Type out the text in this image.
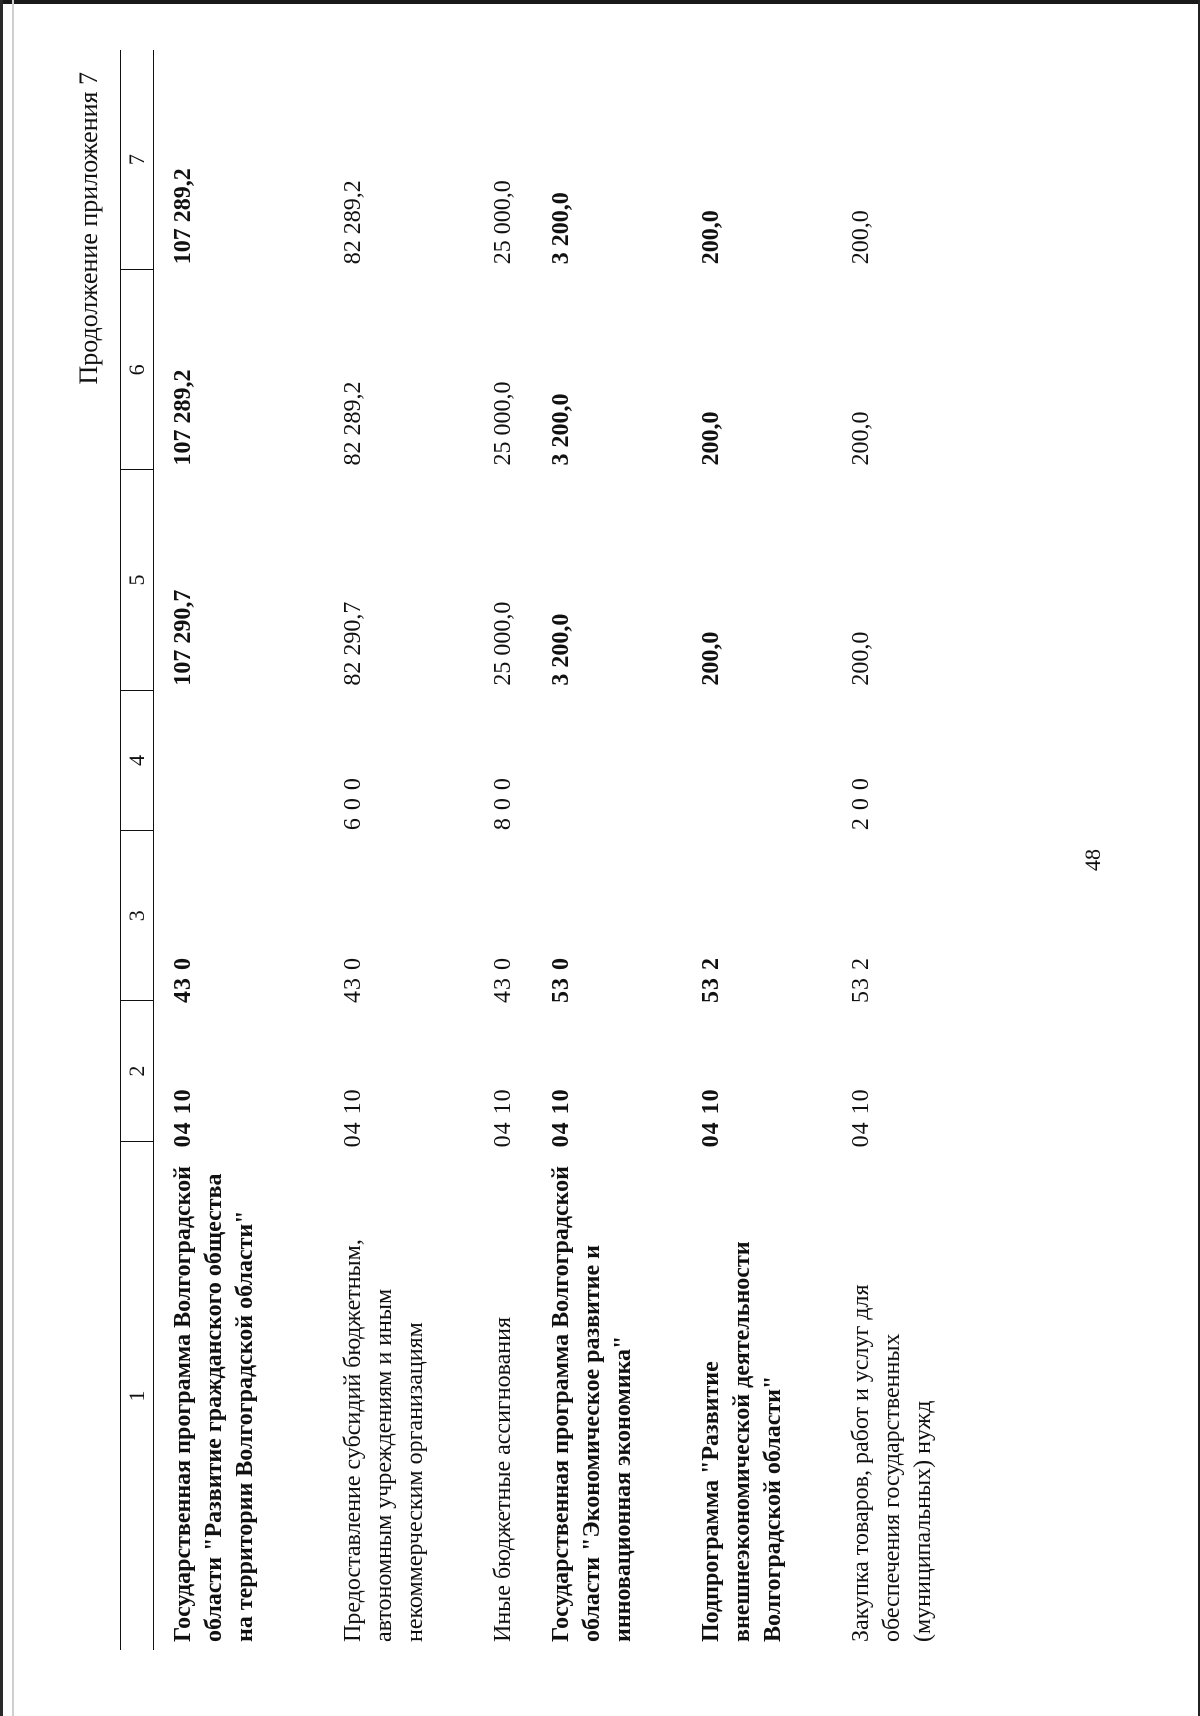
48
Продолжение приложения 7
1
2
3
4
5
6
7
Государственная программа Волгоградской области "Развитие гражданского общества на территории Волгоградской области"
04 10
43 0
107 290,7
107 289,2
107 289,2
Предоставление субсидий бюджетным, автономным учреждениям и иным некоммерческим организациям
04 10
43 0
6 0 0
82 290,7
82 289,2
82 289,2
Иные бюджетные ассигнования
04 10
43 0
8 0 0
25 000,0
25 000,0
25 000,0
Государственная программа Волгоградской области "Экономическое развитие и инновационная экономика"
04 10
53 0
3 200,0
3 200,0
3 200,0
Подпрограмма "Развитие внешнеэкономической деятельности Волгоградской области"
04 10
53 2
200,0
200,0
200,0
Закупка товаров, работ и услуг для обеспечения государственных (муниципальных) нужд
04 10
53 2
2 0 0
200,0
200,0
200,0
